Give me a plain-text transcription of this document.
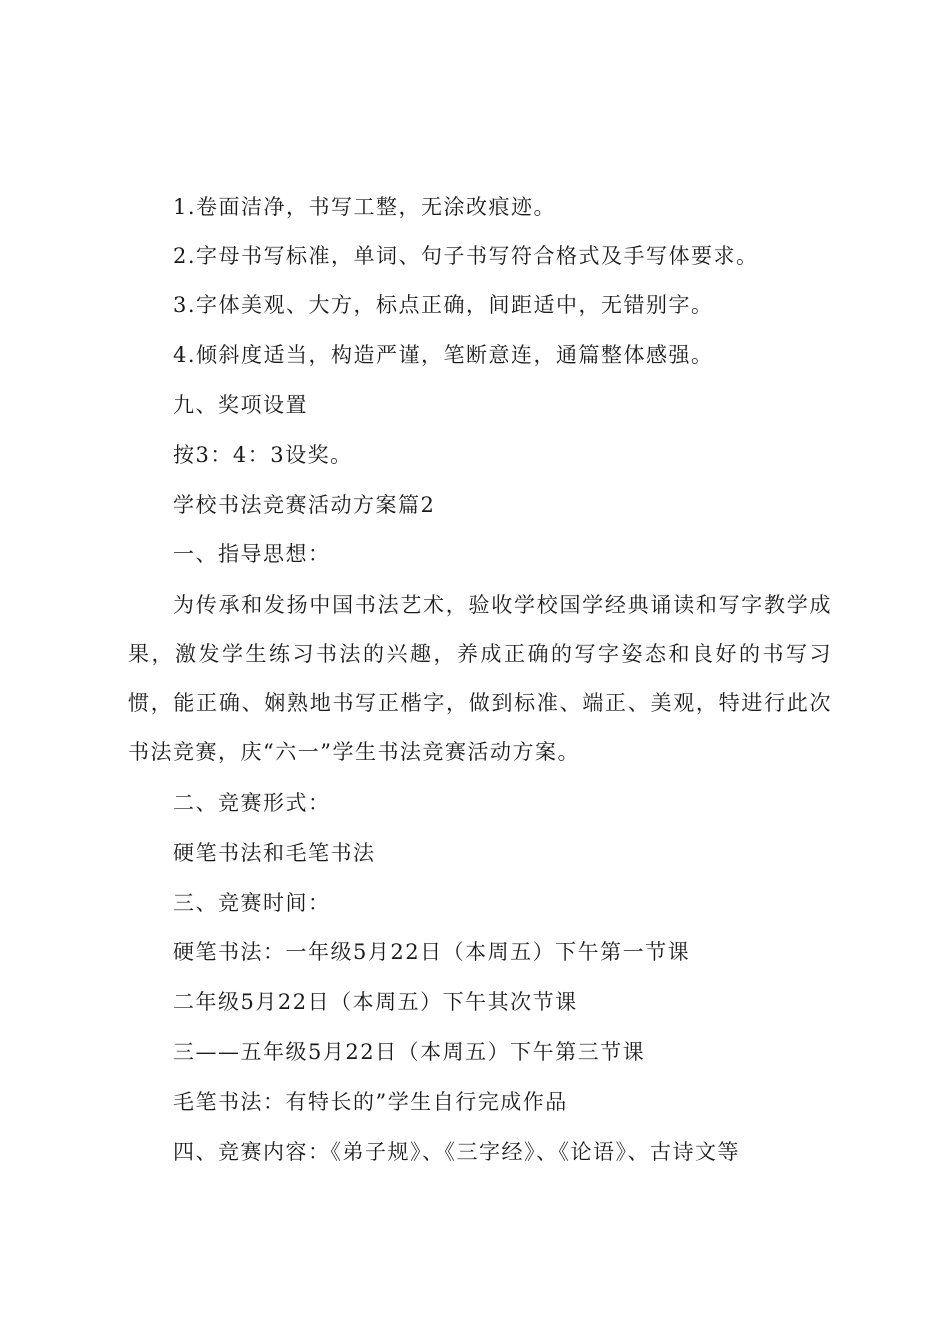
1.卷面洁净，书写工整，无涂改痕迹。
2.字母书写标准，单词、句子书写符合格式及手写体要求。
3.字体美观、大方，标点正确，间距适中，无错别字。
4.倾斜度适当，构造严谨，笔断意连，通篇整体感强。
九、奖项设置
按3：4：3设奖。
学校书法竞赛活动方案篇2
一、指导思想：
为传承和发扬中国书法艺术，验收学校国学经典诵读和写字教学成果，激发学生练习书法的兴趣，养成正确的写字姿态和良好的书写习惯，能正确、娴熟地书写正楷字，做到标准、端正、美观，特进行此次书法竞赛，庆“六一”学生书法竞赛活动方案。
二、竞赛形式：
硬笔书法和毛笔书法
三、竞赛时间：
硬笔书法：一年级5月22日（本周五）下午第一节课
二年级5月22日（本周五）下午其次节课
三——五年级5月22日（本周五）下午第三节课
毛笔书法：有特长的”学生自行完成作品
四、竞赛内容：《弟子规》、《三字经》、《论语》、古诗文等
